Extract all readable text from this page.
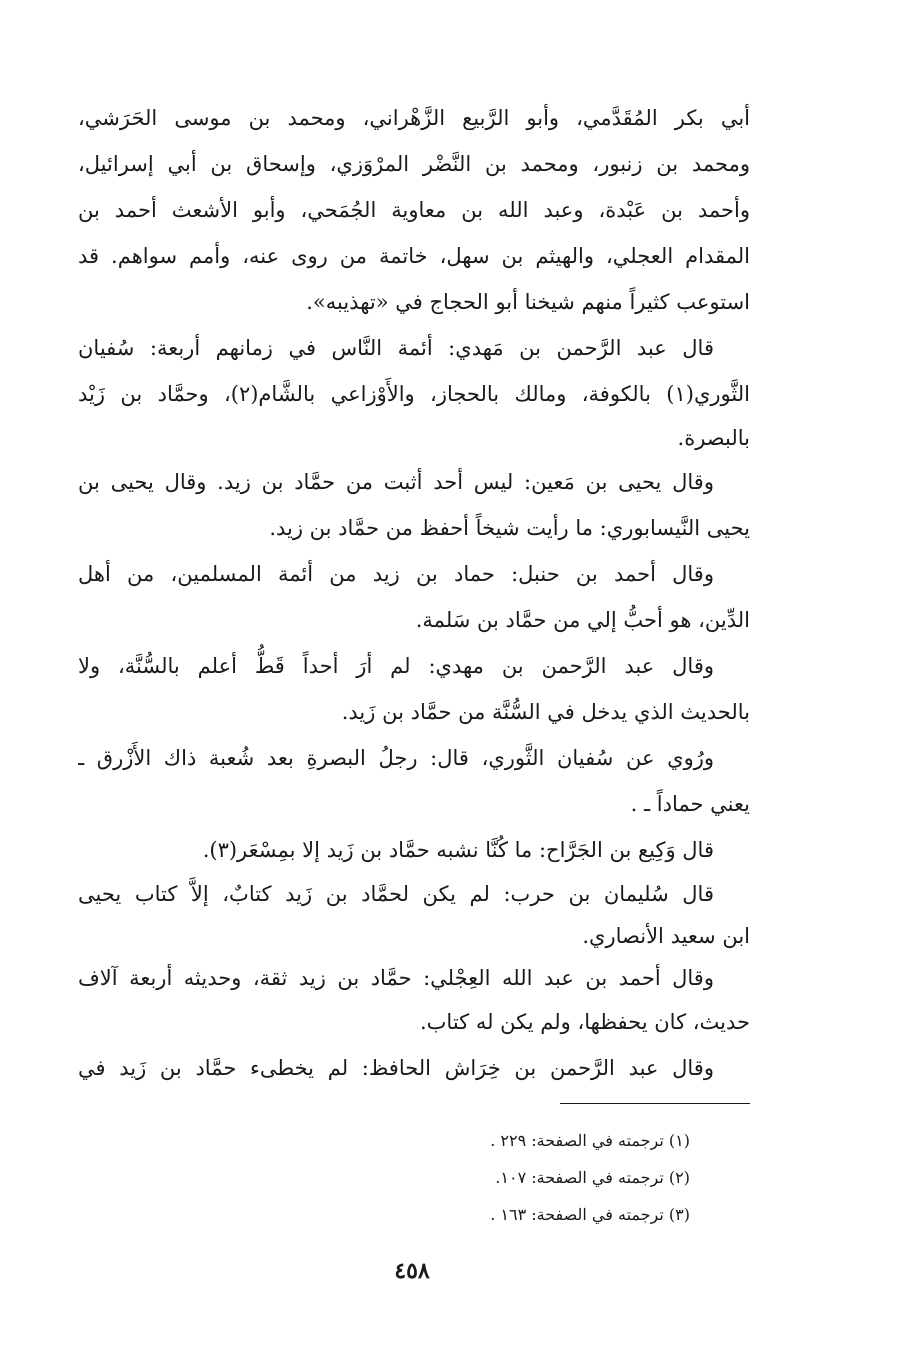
أبي بكر المُقَدَّمي، وأبو الرَّبيع الزَّهْراني، ومحمد بن موسى الحَرَشي،
ومحمد بن زنبور، ومحمد بن النَّضْر المرْوَزي، وإسحاق بن أبي إسرائيل،
وأحمد بن عَبْدة، وعبد الله بن معاوية الجُمَحي، وأبو الأشعث أحمد بن
المقدام العجلي، والهيثم بن سهل، خاتمة من روى عنه، وأمم سواهم. قد
استوعب كثيراً منهم شيخنا أبو الحجاج في «تهذيبه».
قال عبد الرَّحمن بن مَهدي: أئمة النَّاس في زمانهم أربعة: سُفيان
الثَّوري(١) بالكوفة، ومالك بالحجاز، والأَوْزاعي بالشَّام(٢)، وحمَّاد بن زَيْد
بالبصرة.
وقال يحيى بن مَعين: ليس أحد أثبت من حمَّاد بن زيد. وقال يحيى بن
يحيى النَّيسابوري: ما رأيت شيخاً أحفظ من حمَّاد بن زيد.
وقال أحمد بن حنبل: حماد بن زيد من أئمة المسلمين، من أهل
الدِّين، هو أحبُّ إلي من حمَّاد بن سَلمة.
وقال عبد الرَّحمن بن مهدي: لم أرَ أحداً قَطُّ أعلم بالسُّنَّة، ولا
بالحديث الذي يدخل في السُّنَّة من حمَّاد بن زَيد.
ورُوي عن سُفيان الثَّوري، قال: رجلُ البصرةِ بعد شُعبة ذاك الأَزْرق ـ
يعني حماداً ـ .
قال وَكِيع بن الجَرَّاح: ما كُنَّا نشبه حمَّاد بن زَيد إلا بمِسْعَر(٣).
قال سُليمان بن حرب: لم يكن لحمَّاد بن زَيد كتابٌ، إلاَّ كتاب يحيى
ابن سعيد الأنصاري.
وقال أحمد بن عبد الله العِجْلي: حمَّاد بن زيد ثقة، وحديثه أربعة آلاف
حديث، كان يحفظها، ولم يكن له كتاب.
وقال عبد الرَّحمن بن خِرَاش الحافظ: لم يخطىء حمَّاد بن زَيد في
(١) ترجمته في الصفحة: ٢٢٩ .
(٢) ترجمته في الصفحة: ١٠٧.
(٣) ترجمته في الصفحة: ١٦٣ .
٤٥٨
